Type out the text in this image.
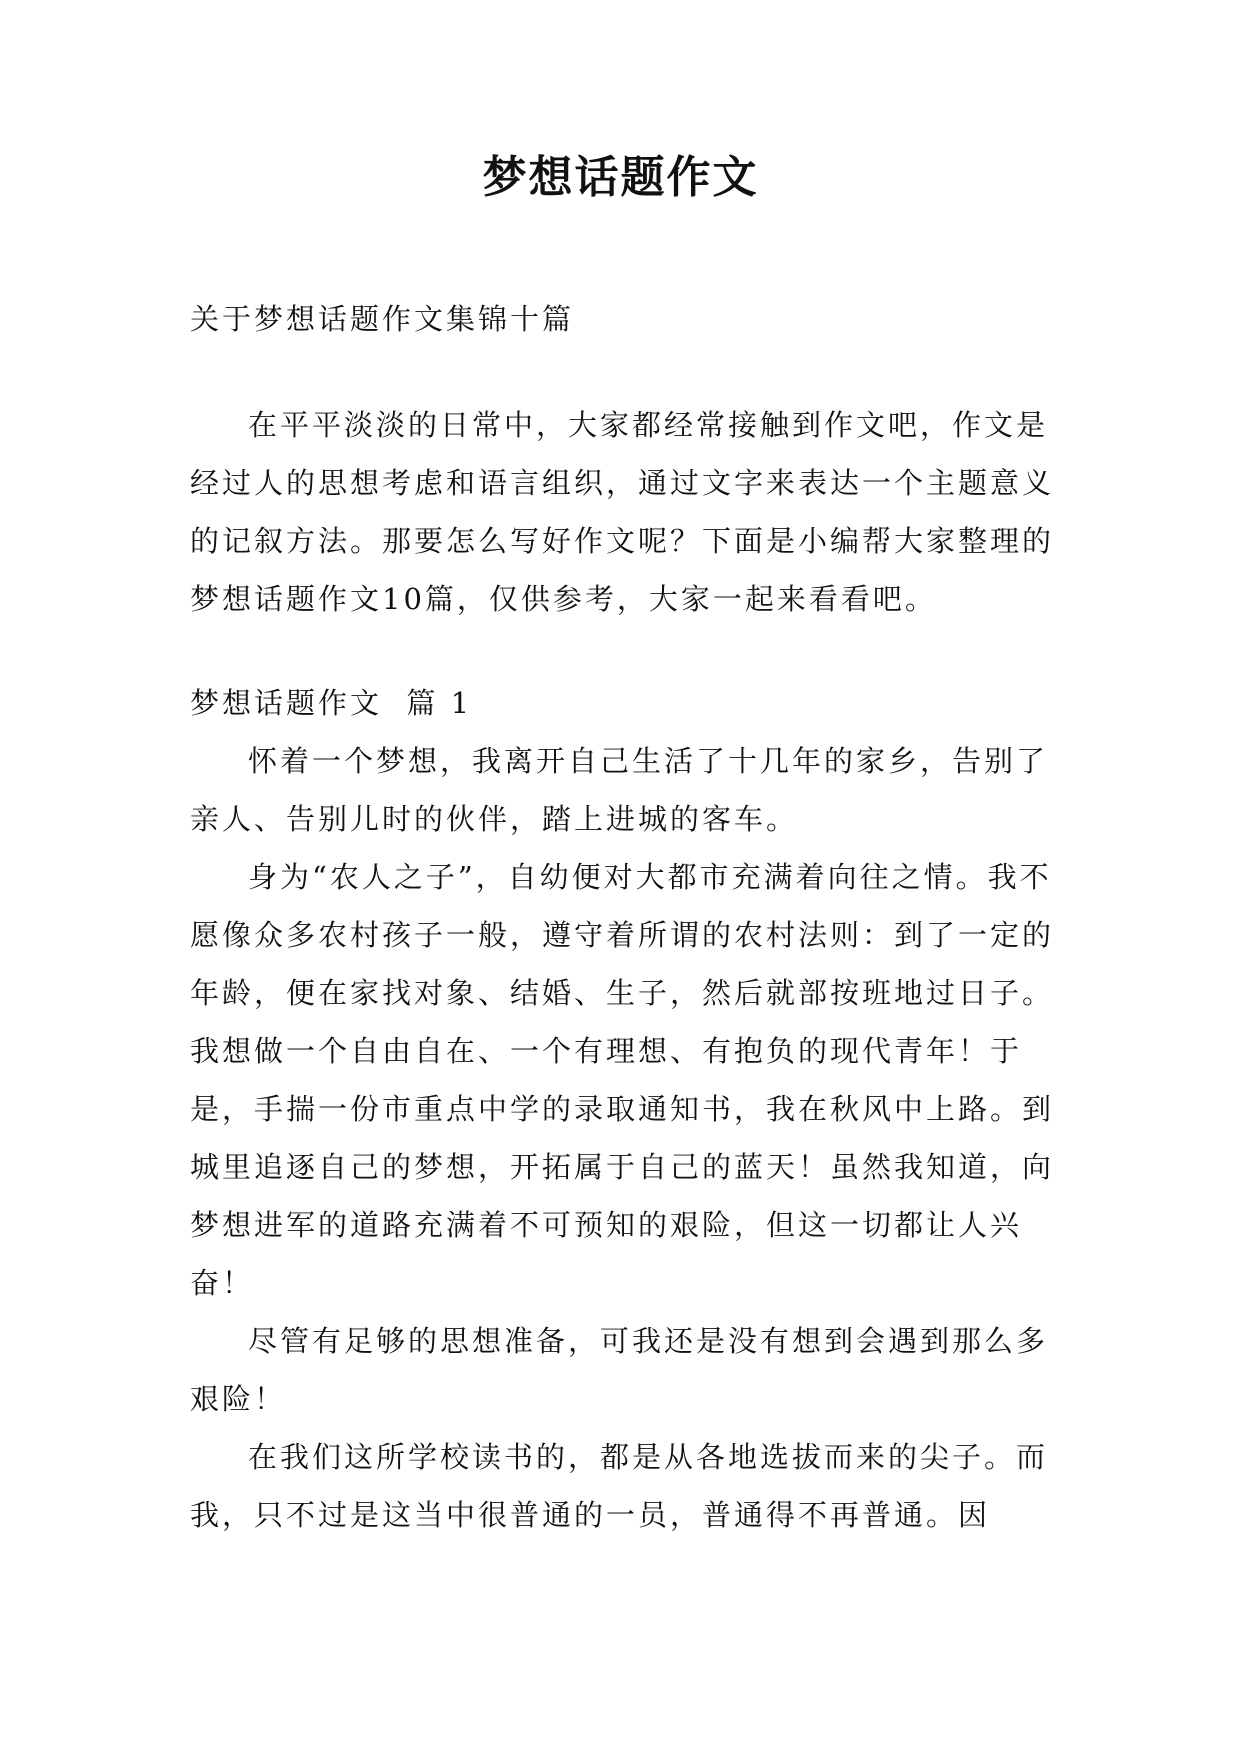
梦想话题作文

关于梦想话题作文集锦十篇

在平平淡淡的日常中，大家都经常接触到作文吧，作文是经过人的思想考虑和语言组织，通过文字来表达一个主题意义的记叙方法。那要怎么写好作文呢？下面是小编帮大家整理的梦想话题作文10篇，仅供参考，大家一起来看看吧。

梦想话题作文  篇 1

怀着一个梦想，我离开自己生活了十几年的家乡，告别了亲人、告别儿时的伙伴，踏上进城的客车。

身为“农人之子”，自幼便对大都市充满着向往之情。我不愿像众多农村孩子一般，遵守着所谓的农村法则：到了一定的年龄，便在家找对象、结婚、生子，然后就部按班地过日子。我想做一个自由自在、一个有理想、有抱负的现代青年！于是，手揣一份市重点中学的录取通知书，我在秋风中上路。到城里追逐自己的梦想，开拓属于自己的蓝天！虽然我知道，向梦想进军的道路充满着不可预知的艰险，但这一切都让人兴奋！

尽管有足够的思想准备，可我还是没有想到会遇到那么多艰险！

在我们这所学校读书的，都是从各地选拔而来的尖子。而我，只不过是这当中很普通的一员，普通得不再普通。因
